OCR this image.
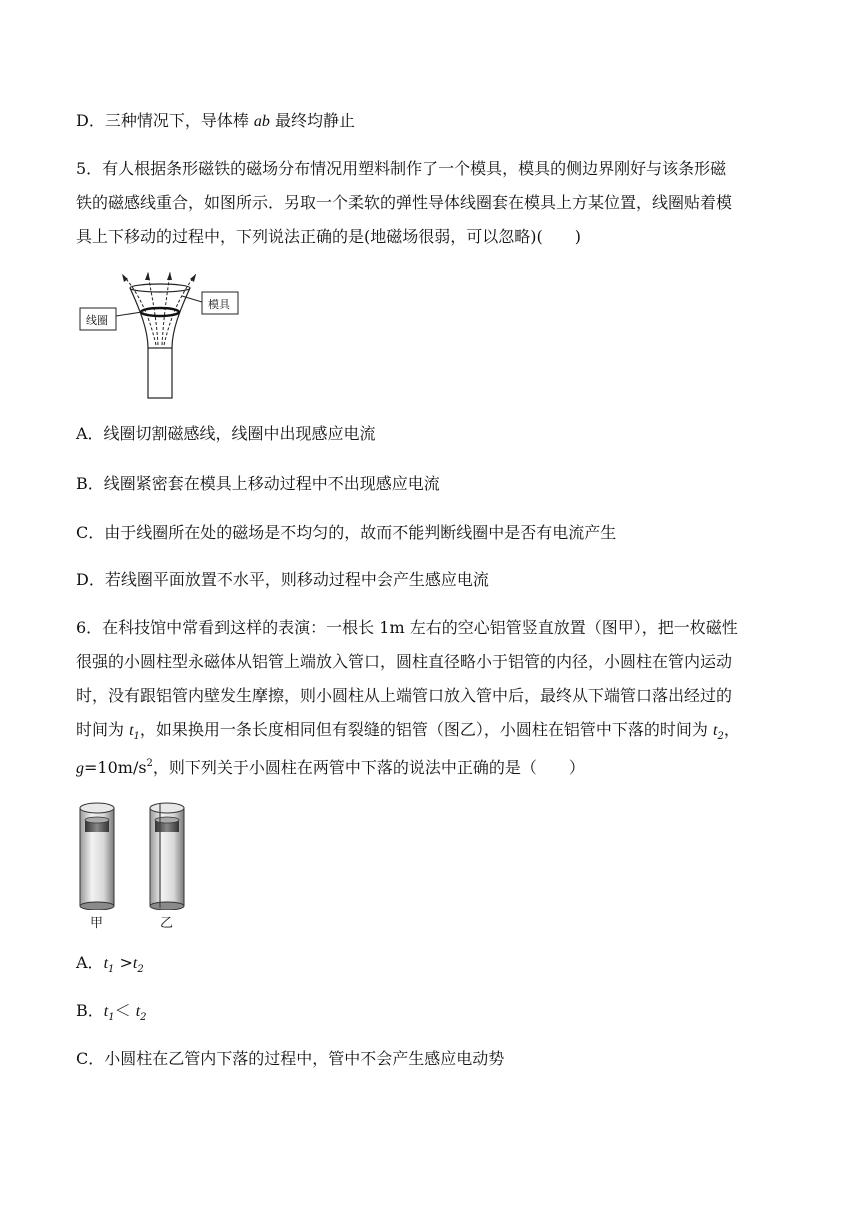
D．三种情况下，导体棒 ab 最终均静止
5．有人根据条形磁铁的磁场分布情况用塑料制作了一个模具，模具的侧边界刚好与该条形磁
铁的磁感线重合，如图所示．另取一个柔软的弹性导体线圈套在模具上方某位置，线圈贴着模
具上下移动的过程中，下列说法正确的是(地磁场很弱，可以忽略)(　　)
线圈
模具
A．线圈切割磁感线，线圈中出现感应电流
B．线圈紧密套在模具上移动过程中不出现感应电流
C．由于线圈所在处的磁场是不均匀的，故而不能判断线圈中是否有电流产生
D．若线圈平面放置不水平，则移动过程中会产生感应电流
6．在科技馆中常看到这样的表演：一根长 1m 左右的空心铝管竖直放置（图甲），把一枚磁性
很强的小圆柱型永磁体从铝管上端放入管口，圆柱直径略小于铝管的内径，小圆柱在管内运动
时，没有跟铝管内壁发生摩擦，则小圆柱从上端管口放入管中后，最终从下端管口落出经过的
时间为 $t_1$，如果换用一条长度相同但有裂缝的铝管（图乙），小圆柱在铝管中下落的时间为 $t_2$，
$g=10m/s^2$，则下列关于小圆柱在两管中下落的说法中正确的是（　　）
甲	乙
A．$t_1 >t_2$
B．$t_1< t_2$
C．小圆柱在乙管内下落的过程中，管中不会产生感应电动势
